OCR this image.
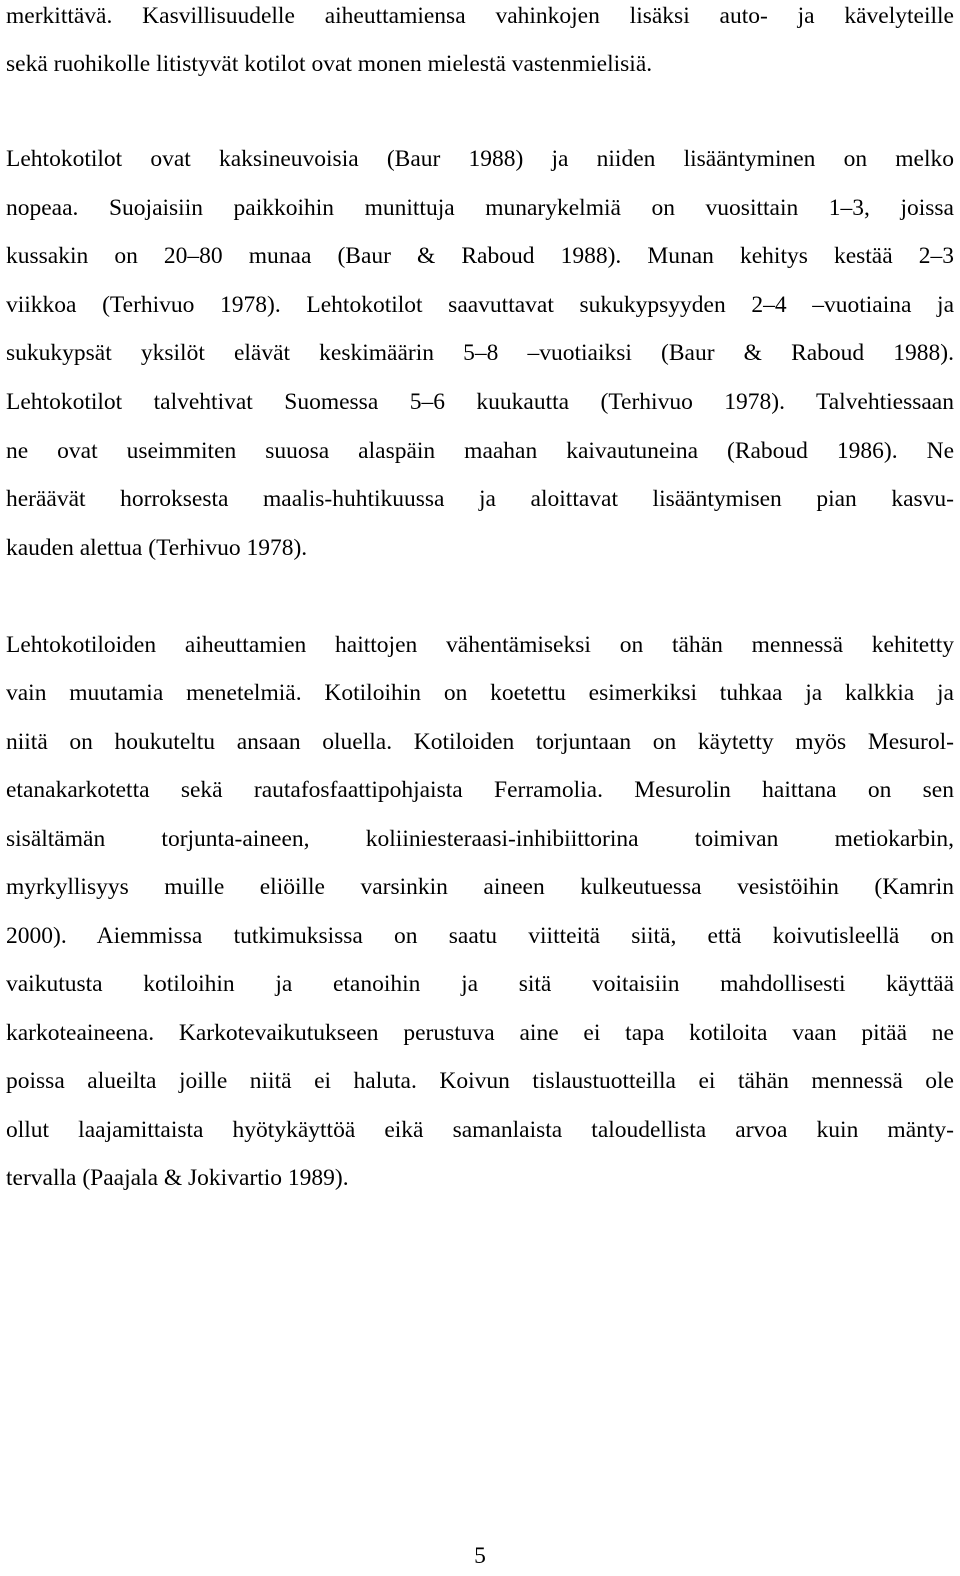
merkittävä. Kasvillisuudelle aiheuttamiensa vahinkojen lisäksi auto- ja kävelyteille
sekä ruohikolle litistyvät kotilot ovat monen mielestä vastenmielisiä.
Lehtokotilot ovat kaksineuvoisia (Baur 1988) ja niiden lisääntyminen on melko
nopeaa. Suojaisiin paikkoihin munittuja munarykelmiä on vuosittain 1–3, joissa
kussakin on 20–80 munaa (Baur & Raboud 1988). Munan kehitys kestää 2–3
viikkoa (Terhivuo 1978). Lehtokotilot saavuttavat sukukypsyyden 2–4 –vuotiaina ja
sukukypsät yksilöt elävät keskimäärin 5–8 –vuotiaiksi (Baur & Raboud 1988).
Lehtokotilot talvehtivat Suomessa 5–6 kuukautta (Terhivuo 1978). Talvehtiessaan
ne ovat useimmiten suuosa alaspäin maahan kaivautuneina (Raboud 1986). Ne
heräävät horroksesta maalis-huhtikuussa ja aloittavat lisääntymisen pian kasvu-
kauden alettua (Terhivuo 1978).
Lehtokotiloiden aiheuttamien haittojen vähentämiseksi on tähän mennessä kehitetty
vain muutamia menetelmiä. Kotiloihin on koetettu esimerkiksi tuhkaa ja kalkkia ja
niitä on houkuteltu ansaan oluella. Kotiloiden torjuntaan on käytetty myös Mesurol-
etanakarkotetta sekä rautafosfaattipohjaista Ferramolia. Mesurolin haittana on sen
sisältämän torjunta-aineen, koliiniesteraasi-inhibiittorina toimivan metiokarbin,
myrkyllisyys muille eliöille varsinkin aineen kulkeutuessa vesistöihin (Kamrin
2000). Aiemmissa tutkimuksissa on saatu viitteitä siitä, että koivutisleellä on
vaikutusta kotiloihin ja etanoihin ja sitä voitaisiin mahdollisesti käyttää
karkoteaineena. Karkotevaikutukseen perustuva aine ei tapa kotiloita vaan pitää ne
poissa alueilta joille niitä ei haluta. Koivun tislaustuotteilla ei tähän mennessä ole
ollut laajamittaista hyötykäyttöä eikä samanlaista taloudellista arvoa kuin mänty-
tervalla (Paajala & Jokivartio 1989).
5
